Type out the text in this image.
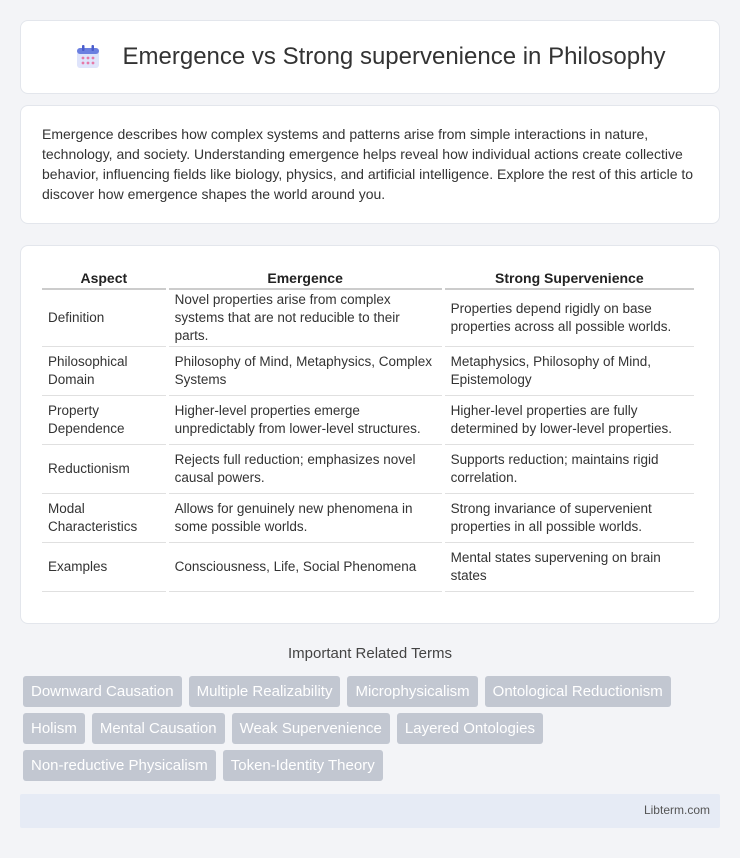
Emergence vs Strong supervenience in Philosophy

Emergence describes how complex systems and patterns arise from simple interactions in nature, technology, and society. Understanding emergence helps reveal how individual actions create collective behavior, influencing fields like biology, physics, and artificial intelligence. Explore the rest of this article to discover how emergence shapes the world around you.

Aspect	Emergence	Strong Supervenience
Definition	Novel properties arise from complex systems that are not reducible to their parts.	Properties depend rigidly on base properties across all possible worlds.
Philosophical Domain	Philosophy of Mind, Metaphysics, Complex Systems	Metaphysics, Philosophy of Mind, Epistemology
Property Dependence	Higher-level properties emerge unpredictably from lower-level structures.	Higher-level properties are fully determined by lower-level properties.
Reductionism	Rejects full reduction; emphasizes novel causal powers.	Supports reduction; maintains rigid correlation.
Modal Characteristics	Allows for genuinely new phenomena in some possible worlds.	Strong invariance of supervenient properties in all possible worlds.
Examples	Consciousness, Life, Social Phenomena	Mental states supervening on brain states
Important Related Terms
Downward Causation	Multiple Realizability	Microphysicalism	Ontological Reductionism
Holism	Mental Causation	Weak Supervenience	Layered Ontologies
Non-reductive Physicalism	Token-Identity Theory
Libterm.com
